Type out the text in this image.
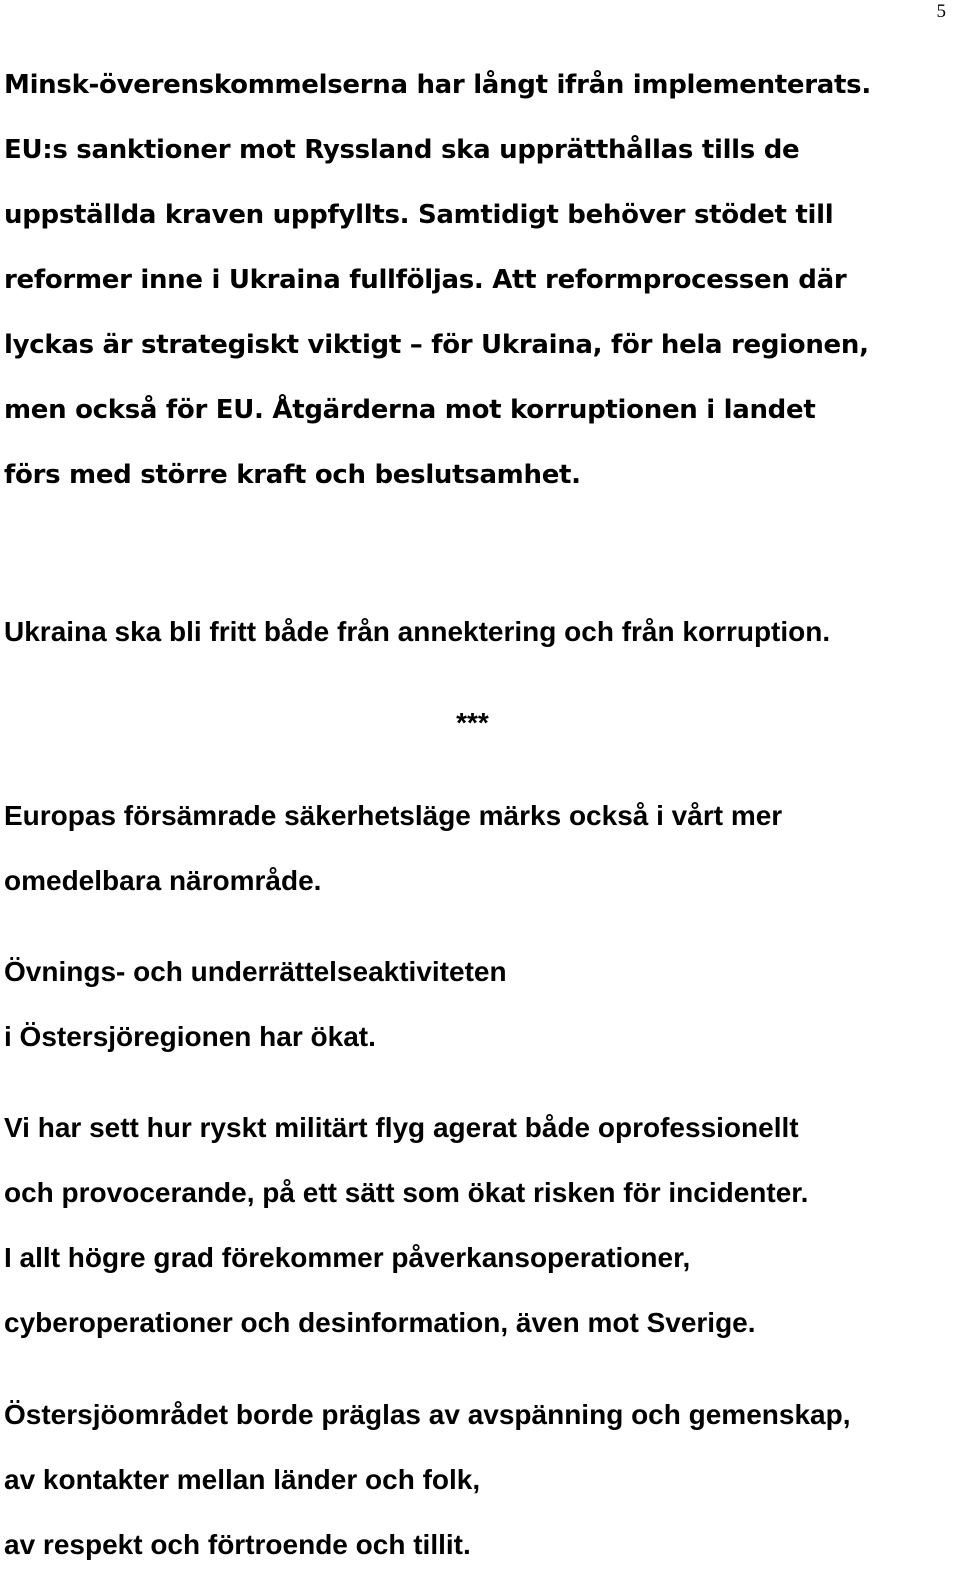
5

Minsk-överenskommelserna har långt ifrån implementerats.

EU:s sanktioner mot Ryssland ska upprätthållas tills de

uppställda kraven uppfyllts. Samtidigt behöver stödet till

reformer inne i Ukraina fullföljas. Att reformprocessen där

lyckas är strategiskt viktigt – för Ukraina, för hela regionen,

men också för EU. Åtgärderna mot korruptionen i landet

förs med större kraft och beslutsamhet.

Ukraina ska bli fritt både från annektering och från korruption.

***

Europas försämrade säkerhetsläge märks också i vårt mer

omedelbara närområde.

Övnings- och underrättelseaktiviteten

i Östersjöregionen har ökat.

Vi har sett hur ryskt militärt flyg agerat både oprofessionellt

och provocerande, på ett sätt som ökat risken för incidenter.

I allt högre grad förekommer påverkansoperationer,

cyberoperationer och desinformation, även mot Sverige.

Östersjöområdet borde präglas av avspänning och gemenskap,

av kontakter mellan länder och folk,

av respekt och förtroende och tillit.
